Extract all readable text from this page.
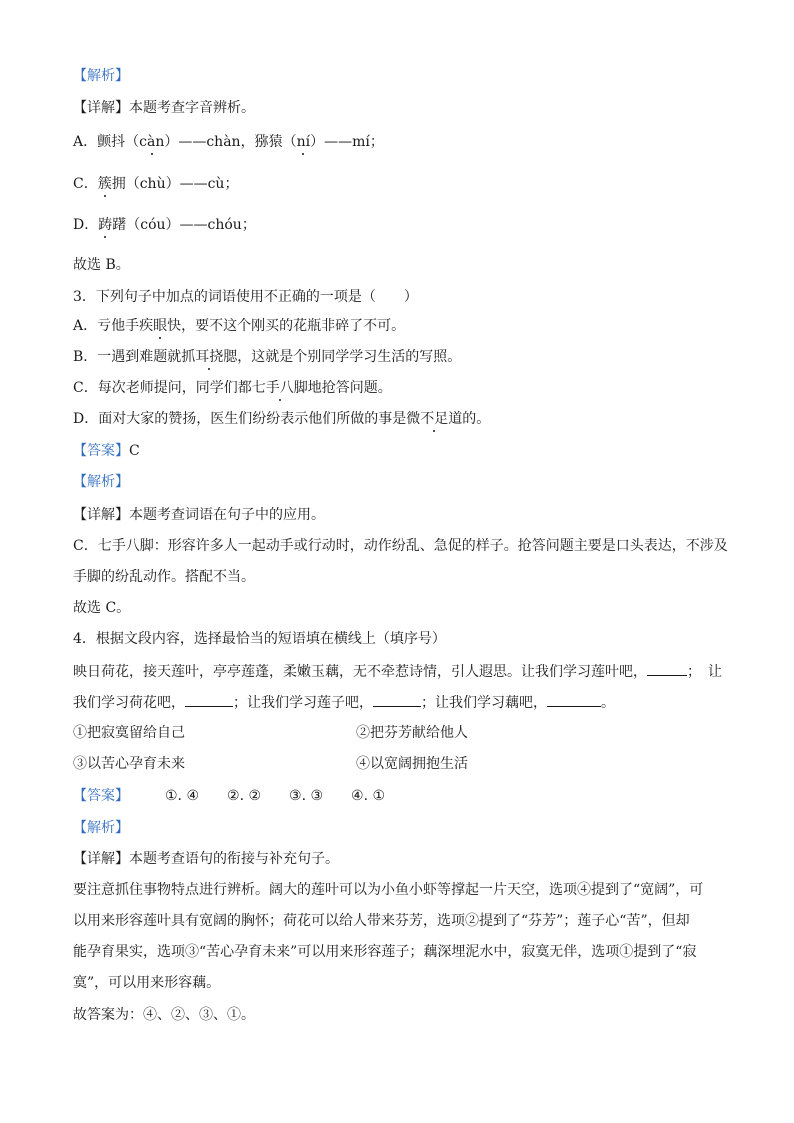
【解析】
【详解】本题考查字音辨析。
A．颤抖（càn）——chàn，猕猿（ní）——mí；
C．簇拥（chù）——cù；
D．踌躇（cóu）——chóu；
故选 B。
3．下列句子中加点的词语使用不正确的一项是（　　）
A．亏他手疾眼快，要不这个刚买的花瓶非碎了不可。
B．一遇到难题就抓耳挠腮，这就是个别同学学习生活的写照。
C．每次老师提问，同学们都七手八脚地抢答问题。
D．面对大家的赞扬，医生们纷纷表示他们所做的事是微不足道的。
【答案】C
【解析】
【详解】本题考查词语在句子中的应用。
C．七手八脚：形容许多人一起动手或行动时，动作纷乱、急促的样子。抢答问题主要是口头表达，不涉及
手脚的纷乱动作。搭配不当。
故选 C。
4．根据文段内容，选择最恰当的短语填在横线上（填序号）
映日荷花，接天莲叶，亭亭莲蓬，柔嫩玉藕，无不牵惹诗情，引人遐思。让我们学习莲叶吧，	；　让
我们学习荷花吧，	；让我们学习莲子吧，	；让我们学习藕吧，	。
①把寂寞留给自己	②把芬芳献给他人
③以苦心孕育未来	④以宽阔拥抱生活
【答案】	①. ④ ②. ② ③. ③ ④. ①
【解析】
【详解】本题考查语句的衔接与补充句子。
要注意抓住事物特点进行辨析。阔大的莲叶可以为小鱼小虾等撑起一片天空，选项④提到了“宽阔”，可
以用来形容莲叶具有宽阔的胸怀；荷花可以给人带来芬芳，选项②提到了“芬芳”；莲子心“苦”，但却
能孕育果实，选项③“苦心孕育未来”可以用来形容莲子；藕深埋泥水中，寂寞无伴，选项①提到了“寂
寞”，可以用来形容藕。
故答案为：④、②、③、①。
